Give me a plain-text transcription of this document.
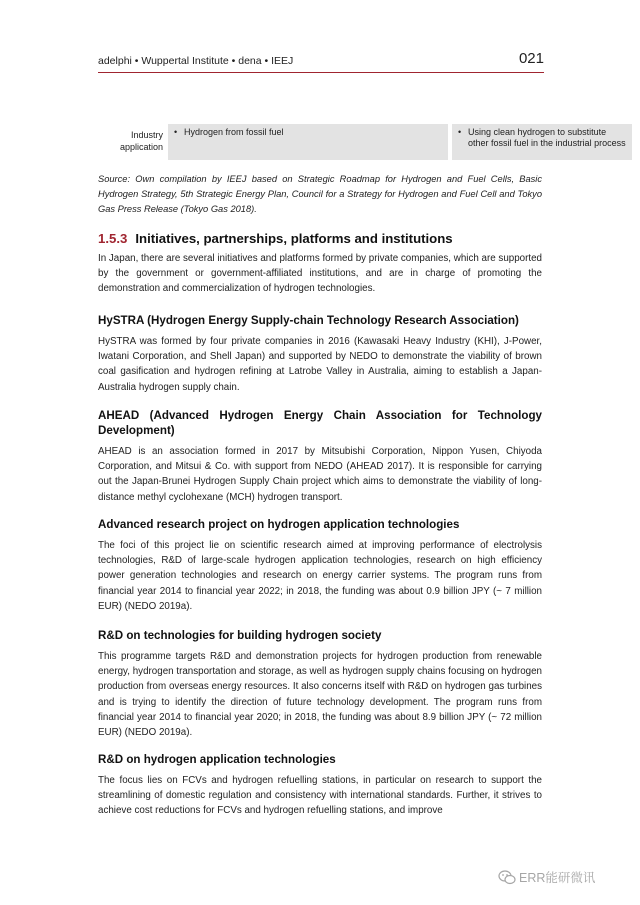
adelphi • Wuppertal Institute • dena • IEEJ	021
Industry
application
• Hydrogen from fossil fuel	• Using clean hydrogen to substitute other fossil fuel in the industrial process
Source: Own compilation by IEEJ based on Strategic Roadmap for Hydrogen and Fuel Cells, Basic Hydrogen Strategy, 5th Strategic Energy Plan, Council for a Strategy for Hydrogen and Fuel Cell and Tokyo Gas Press Release (Tokyo Gas 2018).
1.5.3 Initiatives, partnerships, platforms and institutions

In Japan, there are several initiatives and platforms formed by private companies, which are supported by the government or government-affiliated institutions, and are in charge of promoting the demonstration and commercialization of hydrogen technologies.

HySTRA (Hydrogen Energy Supply-chain Technology Research Association)

HySTRA was formed by four private companies in 2016 (Kawasaki Heavy Industry (KHI), J-Power, Iwatani Corporation, and Shell Japan) and supported by NEDO to demonstrate the viability of brown coal gasification and hydrogen refining at Latrobe Valley in Australia, aiming to establish a Japan-Australia hydrogen supply chain.

AHEAD (Advanced Hydrogen Energy Chain Association for Technology Development)

AHEAD is an association formed in 2017 by Mitsubishi Corporation, Nippon Yusen, Chiyoda Corporation, and Mitsui & Co. with support from NEDO (AHEAD 2017). It is responsible for carrying out the Japan-Brunei Hydrogen Supply Chain project which aims to demonstrate the viability of long-distance methyl cyclohexane (MCH) hydrogen transport.

Advanced research project on hydrogen application technologies

The foci of this project lie on scientific research aimed at improving performance of electrolysis technologies, R&D of large-scale hydrogen application technologies, research on high efficiency power generation technologies and research on energy carrier systems. The program runs from financial year 2014 to financial year 2022; in 2018, the funding was about 0.9 billion JPY (~ 7 million EUR) (NEDO 2019a).

R&D on technologies for building hydrogen society

This programme targets R&D and demonstration projects for hydrogen production from renewable energy, hydrogen transportation and storage, as well as hydrogen supply chains focusing on hydrogen production from overseas energy resources. It also concerns itself with R&D on hydrogen gas turbines and is trying to identify the direction of future technology development. The program runs from financial year 2014 to financial year 2020; in 2018, the funding was about 8.9 billion JPY (~ 72 million EUR) (NEDO 2019a).

R&D on hydrogen application technologies

The focus lies on FCVs and hydrogen refuelling stations, in particular on research to support the streamlining of domestic regulation and consistency with international standards. Further, it strives to achieve cost reductions for FCVs and hydrogen refuelling stations, and improve

ERR能研微讯
